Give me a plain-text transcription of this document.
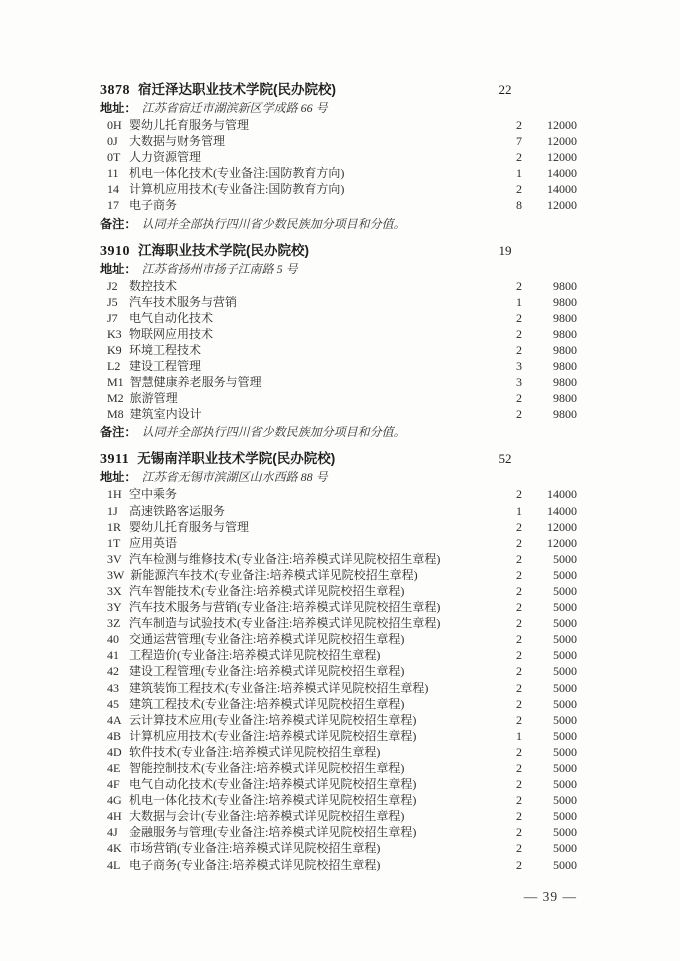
3878 宿迁泽达职业技术学院(民办院校)	22
地址： 江苏省宿迁市湖滨新区学成路 66 号
0H 婴幼儿托育服务与管理	2	12000
0J 大数据与财务管理	7	12000
0T 人力资源管理	2	12000
11 机电一体化技术(专业备注:国防教育方向)	1	14000
14 计算机应用技术(专业备注:国防教育方向)	2	14000
17 电子商务	8	12000
备注： 认同并全部执行四川省少数民族加分项目和分值。
3910 江海职业技术学院(民办院校)	19
地址： 江苏省扬州市扬子江南路 5 号
J2 数控技术	2	9800
J5 汽车技术服务与营销	1	9800
J7 电气自动化技术	2	9800
K3 物联网应用技术	2	9800
K9 环境工程技术	2	9800
L2 建设工程管理	3	9800
M1 智慧健康养老服务与管理	3	9800
M2 旅游管理	2	9800
M8 建筑室内设计	2	9800
备注： 认同并全部执行四川省少数民族加分项目和分值。
3911 无锡南洋职业技术学院(民办院校)	52
地址： 江苏省无锡市滨湖区山水西路 88 号
1H 空中乘务	2	14000
1J 高速铁路客运服务	1	14000
1R 婴幼儿托育服务与管理	2	12000
1T 应用英语	2	12000
3V 汽车检测与维修技术(专业备注:培养模式详见院校招生章程)	2	5000
3W 新能源汽车技术(专业备注:培养模式详见院校招生章程)	2	5000
3X 汽车智能技术(专业备注:培养模式详见院校招生章程)	2	5000
3Y 汽车技术服务与营销(专业备注:培养模式详见院校招生章程)	2	5000
3Z 汽车制造与试验技术(专业备注:培养模式详见院校招生章程)	2	5000
40 交通运营管理(专业备注:培养模式详见院校招生章程)	2	5000
41 工程造价(专业备注:培养模式详见院校招生章程)	2	5000
42 建设工程管理(专业备注:培养模式详见院校招生章程)	2	5000
43 建筑装饰工程技术(专业备注:培养模式详见院校招生章程)	2	5000
45 建筑工程技术(专业备注:培养模式详见院校招生章程)	2	5000
4A 云计算技术应用(专业备注:培养模式详见院校招生章程)	2	5000
4B 计算机应用技术(专业备注:培养模式详见院校招生章程)	1	5000
4D 软件技术(专业备注:培养模式详见院校招生章程)	2	5000
4E 智能控制技术(专业备注:培养模式详见院校招生章程)	2	5000
4F 电气自动化技术(专业备注:培养模式详见院校招生章程)	2	5000
4G 机电一体化技术(专业备注:培养模式详见院校招生章程)	2	5000
4H 大数据与会计(专业备注:培养模式详见院校招生章程)	2	5000
4J 金融服务与管理(专业备注:培养模式详见院校招生章程)	2	5000
4K 市场营销(专业备注:培养模式详见院校招生章程)	2	5000
4L 电子商务(专业备注:培养模式详见院校招生章程)	2	5000
— 39 —
